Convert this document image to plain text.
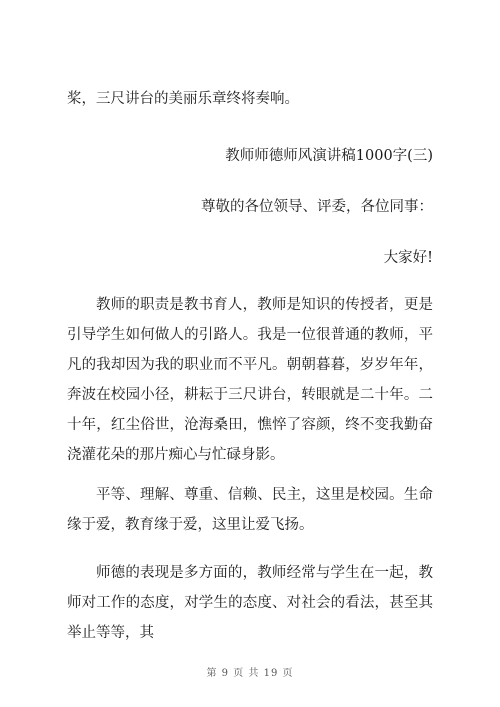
桨，三尺讲台的美丽乐章终将奏响。
教师师德师风演讲稿1000字(三)
尊敬的各位领导、评委，各位同事：
大家好!

教师的职责是教书育人，教师是知识的传授者，更是引导学生如何做人的引路人。我是一位很普通的教师，平凡的我却因为我的职业而不平凡。朝朝暮暮，岁岁年年，奔波在校园小径，耕耘于三尺讲台，转眼就是二十年。二十年，红尘俗世，沧海桑田，憔悴了容颜，终不变我勤奋浇灌花朵的那片痴心与忙碌身影。

平等、理解、尊重、信赖、民主，这里是校园。生命缘于爱，教育缘于爱，这里让爱飞扬。

师德的表现是多方面的，教师经常与学生在一起，教师对工作的态度，对学生的态度、对社会的看法，甚至其举止等等，其

第 9 页 共 19 页
